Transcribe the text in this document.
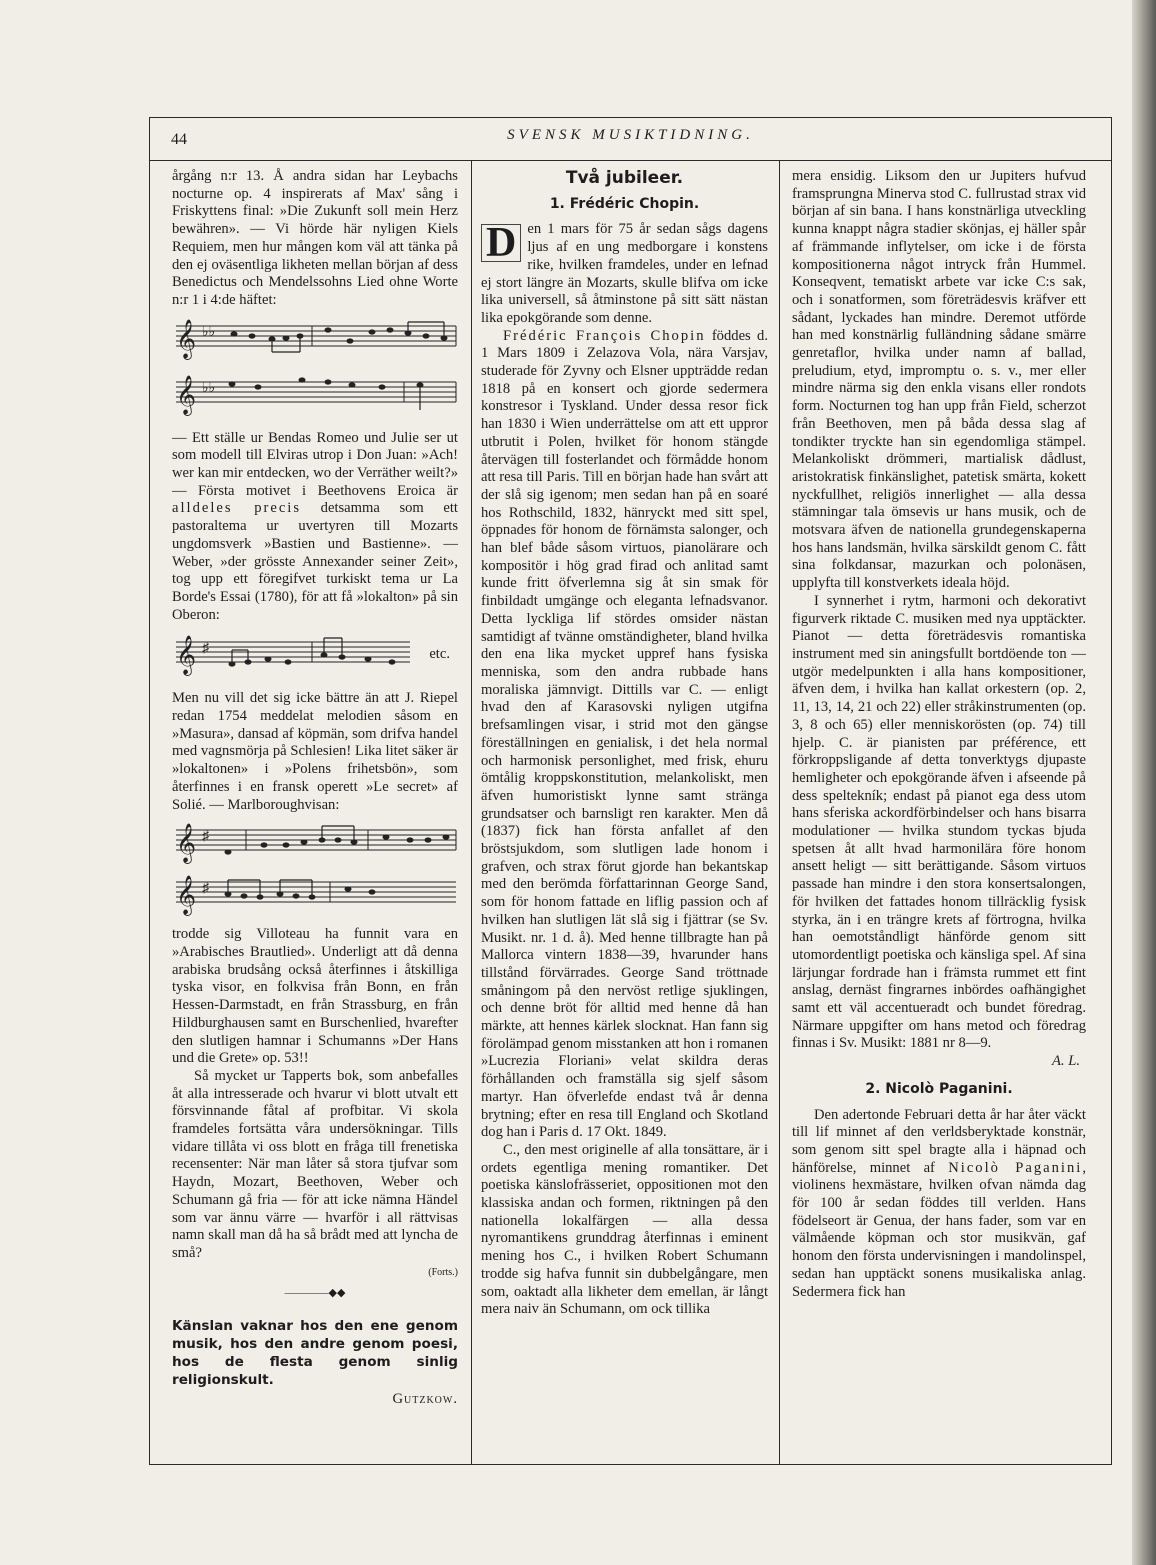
44	SVENSK MUSIKTIDNING.

årgång n:r 13. Å andra sidan har Leybachs nocturne op. 4 inspirerats af Max' sång i Friskyttens final: »Die Zukunft soll mein Herz bewähren». — Vi hörde här nyligen Kiels Requiem, men hur mången kom väl att tänka på den ej oväsentliga likheten mellan början af dess Benedictus och Mendelssohns Lied ohne Worte n:r 1 i 4:de häftet:

𝄞
𝄞
♭♭
♭♭

— Ett ställe ur Bendas Romeo und Julie ser ut som modell till Elviras utrop i Don Juan: »Ach! wer kan mir entdecken, wo der Verräther weilt?» — Första motivet i Beethovens Eroica är alldeles precis detsamma som ett pastoraltema ur uvertyren till Mozarts ungdomsverk »Bastien und Bastienne». — Weber, »der grösste Annexander seiner Zeit», tog upp ett föregifvet turkiskt tema ur La Borde's Essai (1780), för att få »lokalton» på sin Oberon:

𝄞 ♯	etc.

Men nu vill det sig icke bättre än att J. Riepel redan 1754 meddelat melodien såsom en »Masura», dansad af köpmän, som drifva handel med vagnsmörja på Schlesien! Lika litet säker är »lokaltonen» i »Polens frihetsbön», som återfinnes i en fransk operett »Le secret» af Solié. — Marlboroughvisan:

𝄞
𝄞
♯
♯

trodde sig Villoteau ha funnit vara en »Arabisches Brautlied». Underligt att då denna arabiska brudsång också återfinnes i åtskilliga tyska visor, en folkvisa från Bonn, en från Hessen-Darmstadt, en från Strassburg, en från Hildburghausen samt en Burschenlied, hvarefter den slutligen hamnar i Schumanns »Der Hans und die Grete» op. 53!!

Så mycket ur Tapperts bok, som anbefalles åt alla intresserade och hvarur vi blott utvalt ett försvinnande fåtal af profbitar. Vi skola framdeles fortsätta våra undersökningar. Tills vidare tillåta vi oss blott en fråga till frenetiska recensenter: När man låter så stora tjufvar som Haydn, Mozart, Beethoven, Weber och Schumann gå fria — för att icke nämna Händel som var ännu värre — hvarför i all rättvisas namn skall man då ha så brådt med att lyncha de små?

(Forts.)
————◆◆
Känslan vaknar hos den ene genom musik, hos den andre genom poesi, hos de flesta genom sinlig religionskult.
Gutzkow.
Två jubileer.
1. Frédéric Chopin.

D en 1 mars för 75 år sedan sågs dagens ljus af en ung medborgare i konstens rike, hvilken framdeles, under en lefnad ej stort längre än Mozarts, skulle blifva om icke lika universell, så åtminstone på sitt sätt nästan lika epokgörande som denne.

Frédéric François Chopin föddes d. 1 Mars 1809 i Zelazova Vola, nära Varsjav, studerade för Zyvny och Elsner uppträdde redan 1818 på en konsert och gjorde sedermera konstresor i Tyskland. Under dessa resor fick han 1830 i Wien underrättelse om att ett uppror utbrutit i Polen, hvilket för honom stängde återvägen till fosterlandet och förmådde honom att resa till Paris. Till en början hade han svårt att der slå sig igenom; men sedan han på en soaré hos Rothschild, 1832, hänryckt med sitt spel, öppnades för honom de förnämsta salonger, och han blef både såsom virtuos, pianolärare och kompositör i hög grad firad och anlitad samt kunde fritt öfverlemna sig åt sin smak för finbildadt umgänge och eleganta lefnadsvanor. Detta lyckliga lif stördes omsider nästan samtidigt af tvänne omständigheter, bland hvilka den ena lika mycket uppref hans fysiska menniska, som den andra rubbade hans moraliska jämnvigt. Dittills var C. — enligt hvad den af Karasovski nyligen utgifna brefsamlingen visar, i strid mot den gängse föreställningen en genialisk, i det hela normal och harmonisk personlighet, med frisk, ehuru ömtålig kroppskonstitution, melankoliskt, men äfven humoristiskt lynne samt stränga grundsatser och barnsligt ren karakter. Men då (1837) fick han första anfallet af den bröstsjukdom, som slutligen lade honom i grafven, och strax förut gjorde han bekantskap med den berömda författarinnan George Sand, som för honom fattade en liflig passion och af hvilken han slutligen lät slå sig i fjättrar (se Sv. Musikt. nr. 1 d. å). Med henne tillbragte han på Mallorca vintern 1838—39, hvarunder hans tillstånd förvärrades. George Sand tröttnade småningom på den nervöst retlige sjuklingen, och denne bröt för alltid med henne då han märkte, att hennes kärlek slocknat. Han fann sig förolämpad genom misstanken att hon i romanen »Lucrezia Floriani» velat skildra deras förhållanden och framställa sig sjelf såsom martyr. Han öfverlefde endast två år denna brytning; efter en resa till England och Skotland dog han i Paris d. 17 Okt. 1849.

C., den mest originelle af alla tonsättare, är i ordets egentliga mening romantiker. Det poetiska känslofrässeriet, oppositionen mot den klassiska andan och formen, riktningen på den nationella lokalfärgen — alla dessa nyromantikens grunddrag återfinnas i eminent mening hos C., i hvilken Robert Schumann trodde sig hafva funnit sin dubbelgångare, men som, oaktadt alla likheter dem emellan, är långt mera naiv än Schumann, om ock tillika

mera ensidig. Liksom den ur Jupiters hufvud framsprungna Minerva stod C. fullrustad strax vid början af sin bana. I hans konstnärliga utveckling kunna knappt några stadier skönjas, ej häller spår af främmande inflytelser, om icke i de första kompositionerna något intryck från Hummel. Konseqvent, tematiskt arbete var icke C:s sak, och i sonatformen, som företrädesvis kräfver ett sådant, lyckades han mindre. Deremot utförde han med konstnärlig fulländning sådane smärre genretaflor, hvilka under namn af ballad, preludium, etyd, impromptu o. s. v., mer eller mindre närma sig den enkla visans eller rondots form. Nocturnen tog han upp från Field, scherzot från Beethoven, men på båda dessa slag af tondikter tryckte han sin egendomliga stämpel. Melankoliskt drömmeri, martialisk dådlust, aristokratisk finkänslighet, patetisk smärta, kokett nyckfullhet, religiös innerlighet — alla dessa stämningar tala ömsevis ur hans musik, och de motsvara äfven de nationella grundegenskaperna hos hans landsmän, hvilka särskildt genom C. fått sina folkdansar, mazurkan och polonäsen, upplyfta till konstverkets ideala höjd.

I synnerhet i rytm, harmoni och dekorativt figurverk riktade C. musiken med nya upptäckter. Pianot — detta företrädesvis romantiska instrument med sin aningsfullt bortdöende ton — utgör medelpunkten i alla hans kompositioner, äfven dem, i hvilka han kallat orkestern (op. 2, 11, 13, 14, 21 och 22) eller stråkinstrumenten (op. 3, 8 och 65) eller menniskorösten (op. 74) till hjelp. C. är pianisten par préférence, ett förkroppsligande af detta tonverktygs djupaste hemligheter och epokgörande äfven i afseende på dess speltekník; endast på pianot ega dess utom hans sferiska ackordförbindelser och hans bisarra modulationer — hvilka stundom tyckas bjuda spetsen åt allt hvad harmonilära före honom ansett heligt — sitt berättigande. Såsom virtuos passade han mindre i den stora konsertsalongen, för hvilken det fattades honom tillräcklig fysisk styrka, än i en trängre krets af förtrogna, hvilka han oemotståndligt hänförde genom sitt utomordentligt poetiska och känsliga spel. Af sina lärjungar fordrade han i främsta rummet ett fint anslag, dernäst fingrarnes inbördes oafhängighet samt ett väl accentueradt och bundet föredrag. Närmare uppgifter om hans metod och föredrag finnas i Sv. Musikt: 1881 nr 8—9.

A. L.
2. Nicolò Paganini.

Den adertonde Februari detta år har åter väckt till lif minnet af den verldsberyktade konstnär, som genom sitt spel bragte alla i häpnad och hänförelse, minnet af Nicolò Paganini, violinens hexmästare, hvilken ofvan nämda dag för 100 år sedan föddes till verlden. Hans födelseort är Genua, der hans fader, som var en välmående köpman och stor musikvän, gaf honom den första undervisningen i mandolinspel, sedan han upptäckt sonens musikaliska anlag. Sedermera fick han
